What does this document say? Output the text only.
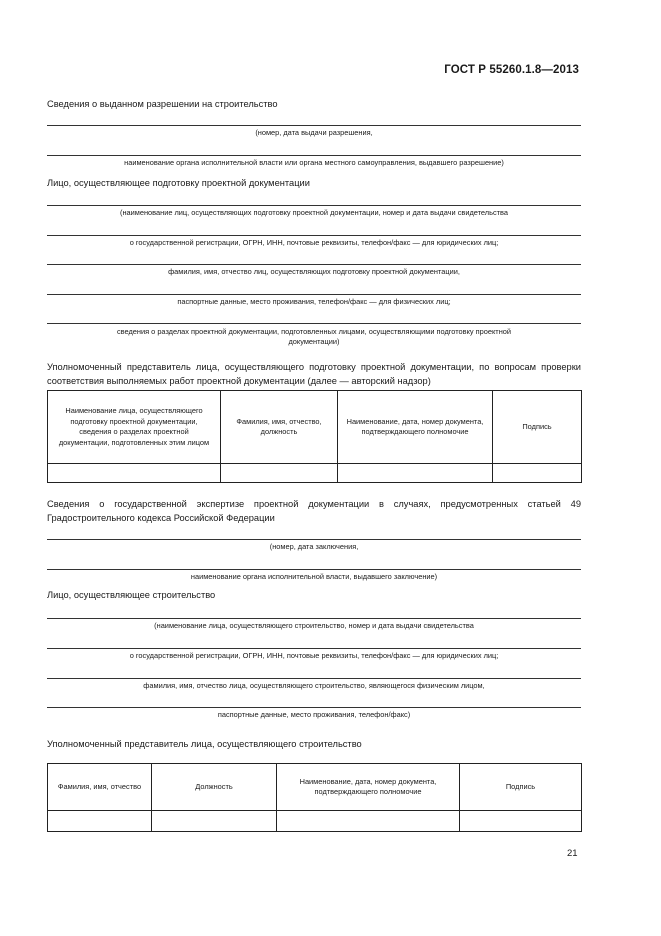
ГОСТ Р 55260.1.8—2013
Сведения о выданном разрешении на строительство
(номер, дата выдачи разрешения,
наименование органа исполнительной власти или органа местного самоуправления, выдавшего разрешение)
Лицо, осуществляющее подготовку проектной документации
(наименование лиц, осуществляющих подготовку проектной документации, номер и дата выдачи свидетельства
о государственной регистрации, ОГРН, ИНН, почтовые реквизиты, телефон/факс — для юридических лиц;
фамилия, имя, отчество лиц, осуществляющих подготовку проектной документации,
паспортные данные, место проживания, телефон/факс — для физических лиц;
сведения о разделах проектной документации, подготовленных лицами, осуществляющими подготовку проектной
документации)
Уполномоченный представитель лица, осуществляющего подготовку проектной документации, по вопросам проверки соответствия выполняемых работ проектной документации (далее — авторский надзор)
Наименование лица, осуществляющего подготовку проектной документации, сведения о разделах проектной документации, подготовленных этим лицом	Фамилия, имя, отчество, должность	Наименование, дата, номер документа, подтверждающего полномочие	Подпись

Сведения о государственной экспертизе проектной документации в случаях, предусмотренных статьей 49 Градостроительного кодекса Российской Федерации
(номер, дата заключения,
наименование органа исполнительной власти, выдавшего заключение)
Лицо, осуществляющее строительство
(наименование лица, осуществляющего строительство, номер и дата выдачи свидетельства
о государственной регистрации, ОГРН, ИНН, почтовые реквизиты, телефон/факс — для юридических лиц;
фамилия, имя, отчество лица, осуществляющего строительство, являющегося физическим лицом,
паспортные данные, место проживания, телефон/факс)
Уполномоченный представитель лица, осуществляющего строительство
Фамилия, имя, отчество	Должность	Наименование, дата, номер документа, подтверждающего полномочие	Подпись

21
